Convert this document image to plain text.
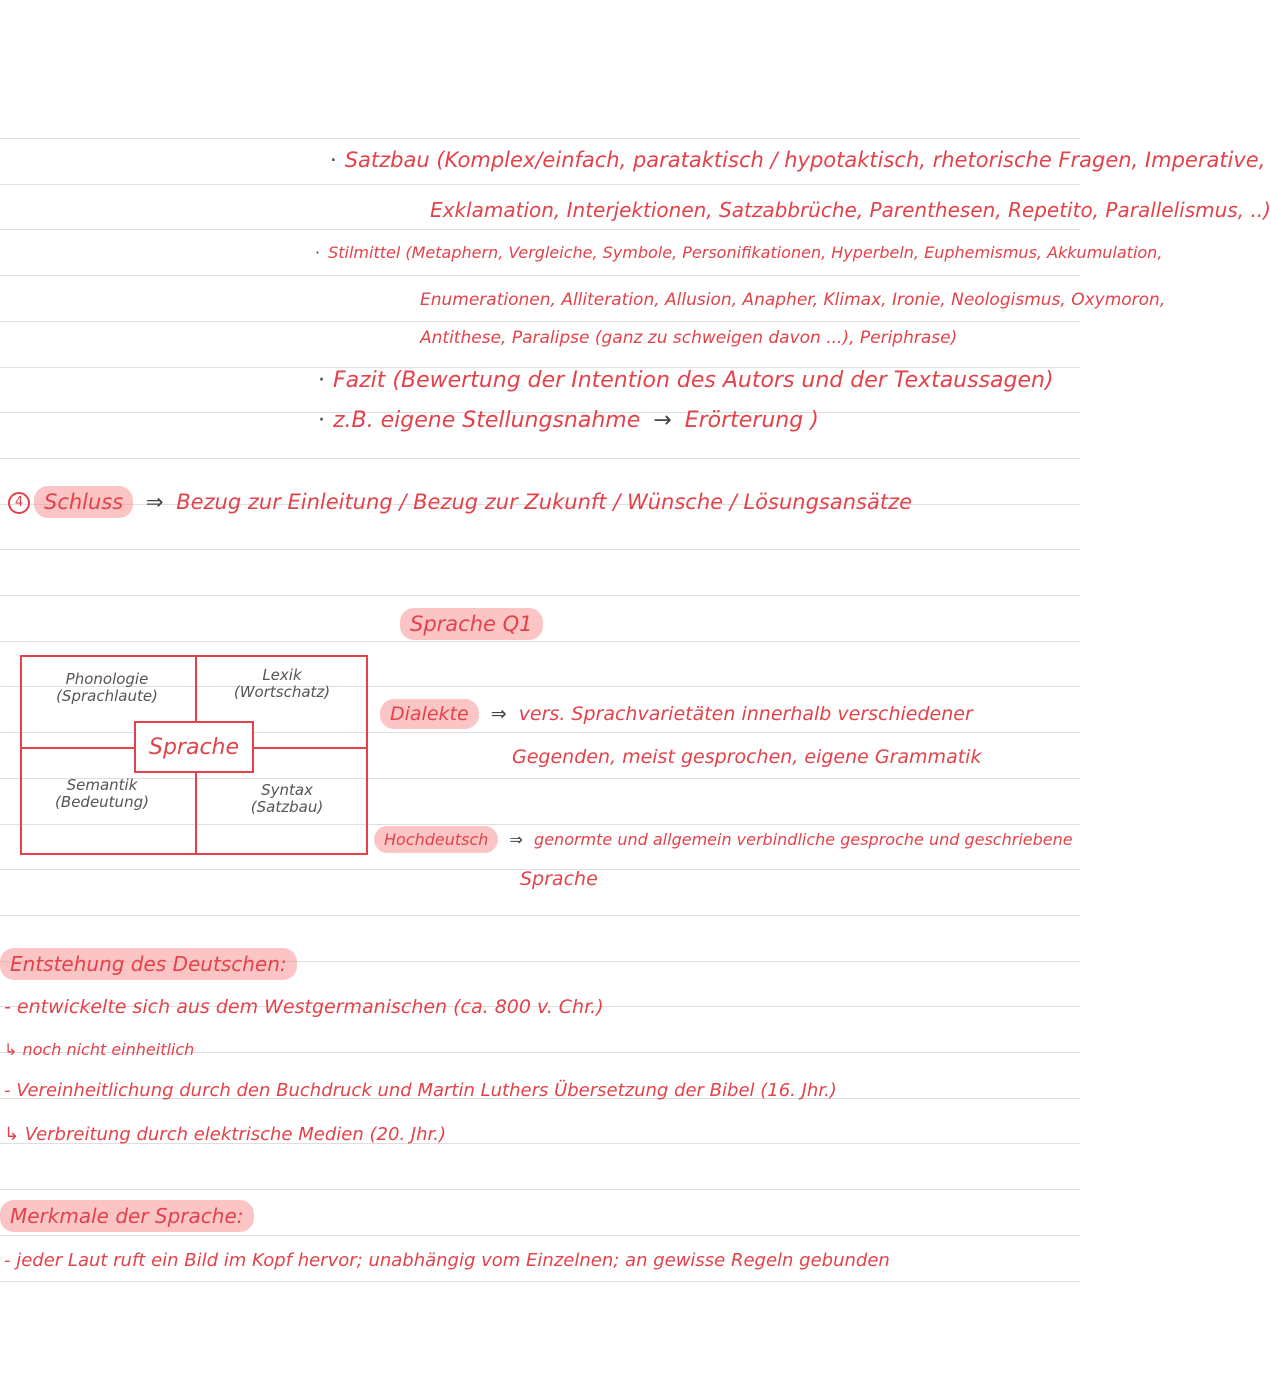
· Satzbau (Komplex/einfach, parataktisch / hypotaktisch, rhetorische Fragen, Imperative,
Exklamation, Interjektionen, Satzabbrüche, Parenthesen, Repetito, Parallelismus, ..)
· Stilmittel (Metaphern, Vergleiche, Symbole, Personifikationen, Hyperbeln, Euphemismus, Akkumulation,
Enumerationen, Alliteration, Allusion, Anapher, Klimax, Ironie, Neologismus, Oxymoron,
Antithese, Paralipse (ganz zu schweigen davon ...), Periphrase)
· Fazit (Bewertung der Intention des Autors und der Textaussagen)
· z.B. eigene Stellungsnahme → Erörterung )
4 Schluss ⇒ Bezug zur Einleitung / Bezug zur Zukunft / Wünsche / Lösungsansätze
Sprache Q1
Phonologie
(Sprachlaute)
Lexik
(Wortschatz)
Semantik
(Bedeutung)
Syntax
(Satzbau)
Sprache
Dialekte ⇒ vers. Sprachvarietäten innerhalb verschiedener
Gegenden, meist gesprochen, eigene Grammatik
Hochdeutsch ⇒ genormte und allgemein verbindliche gesproche und geschriebene
Sprache
Entstehung des Deutschen:
- entwickelte sich aus dem Westgermanischen (ca. 800 v. Chr.)
↳ noch nicht einheitlich
- Vereinheitlichung durch den Buchdruck und Martin Luthers Übersetzung der Bibel (16. Jhr.)
↳ Verbreitung durch elektrische Medien (20. Jhr.)
Merkmale der Sprache:
- jeder Laut ruft ein Bild im Kopf hervor; unabhängig vom Einzelnen; an gewisse Regeln gebunden
